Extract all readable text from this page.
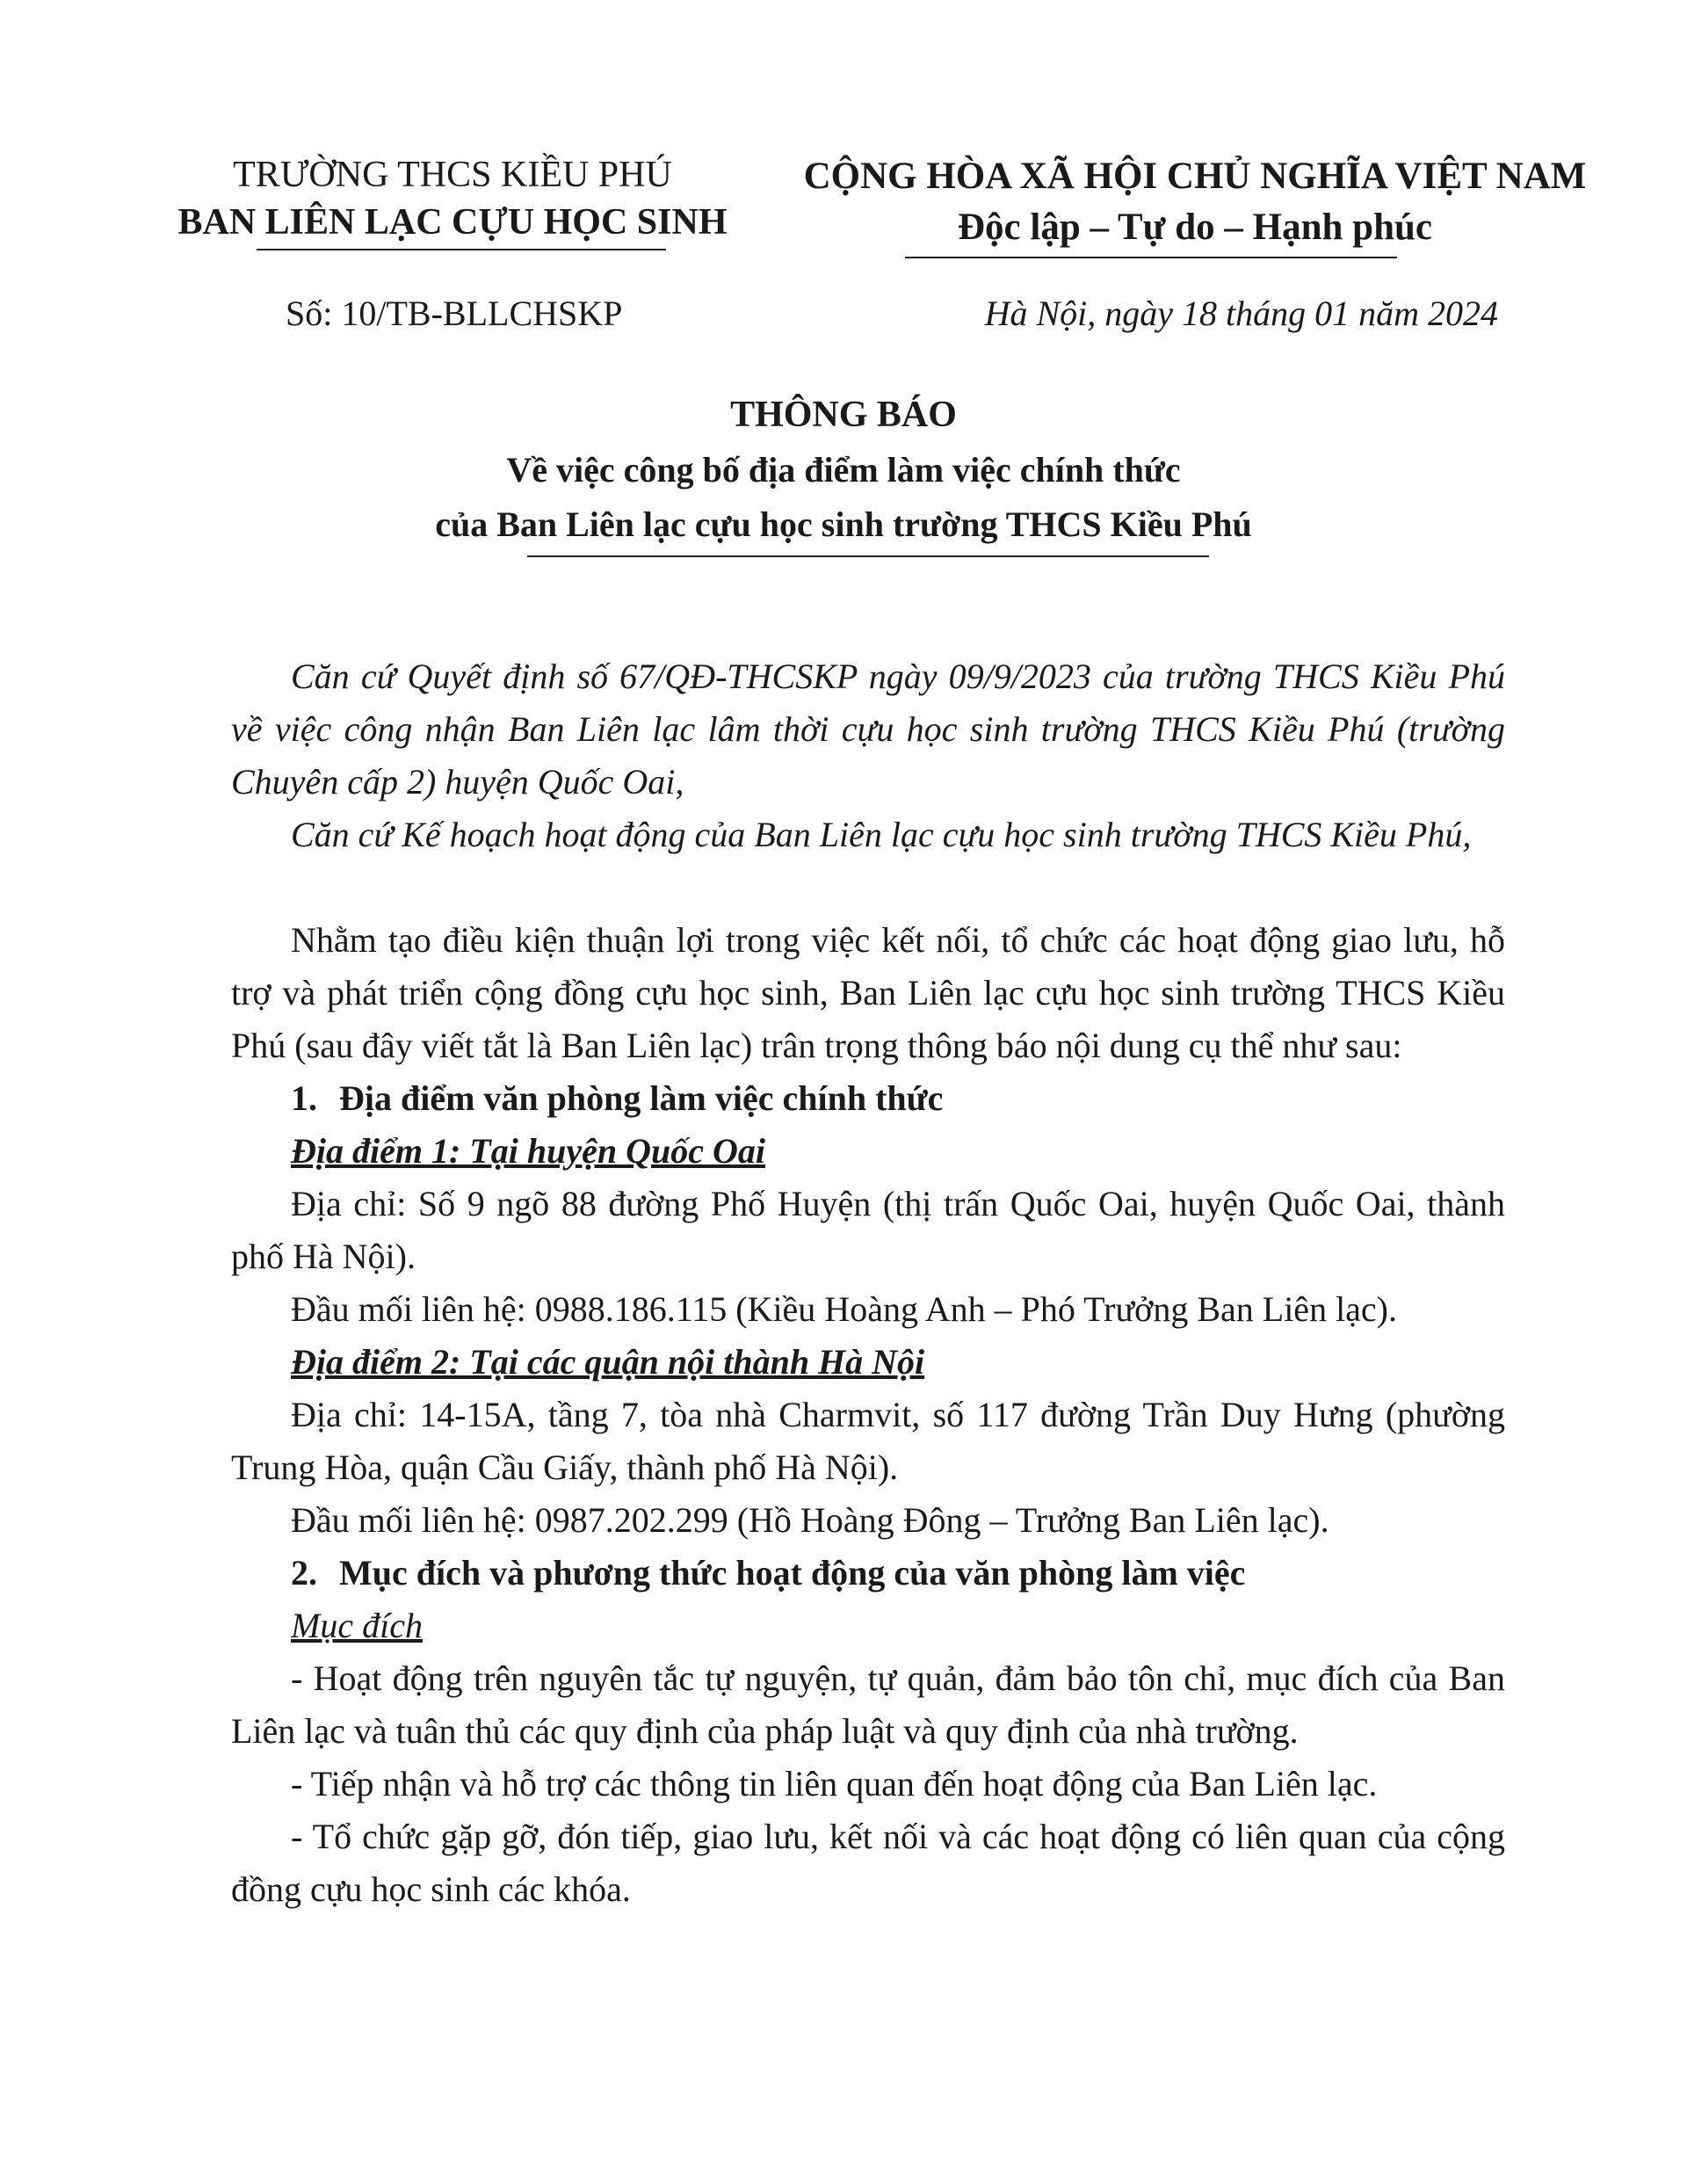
TRƯỜNG THCS KIỀU PHÚ
BAN LIÊN LẠC CỰU HỌC SINH
CỘNG HÒA XÃ HỘI CHỦ NGHĨA VIỆT NAM
Độc lập – Tự do – Hạnh phúc
Số: 10/TB-BLLCHSKP	Hà Nội, ngày 18 tháng 01 năm 2024
THÔNG BÁO
Về việc công bố địa điểm làm việc chính thức
của Ban Liên lạc cựu học sinh trường THCS Kiều Phú

Căn cứ Quyết định số 67/QĐ-THCSKP ngày 09/9/2023 của trường THCS Kiều Phú về việc công nhận Ban Liên lạc lâm thời cựu học sinh trường THCS Kiều Phú (trường Chuyên cấp 2) huyện Quốc Oai,

Căn cứ Kế hoạch hoạt động của Ban Liên lạc cựu học sinh trường THCS Kiều Phú,

Nhằm tạo điều kiện thuận lợi trong việc kết nối, tổ chức các hoạt động giao lưu, hỗ trợ và phát triển cộng đồng cựu học sinh, Ban Liên lạc cựu học sinh trường THCS Kiều Phú (sau đây viết tắt là Ban Liên lạc) trân trọng thông báo nội dung cụ thể như sau:

1. Địa điểm văn phòng làm việc chính thức

Địa điểm 1: Tại huyện Quốc Oai

Địa chỉ: Số 9 ngõ 88 đường Phố Huyện (thị trấn Quốc Oai, huyện Quốc Oai, thành phố Hà Nội).

Đầu mối liên hệ: 0988.186.115 (Kiều Hoàng Anh – Phó Trưởng Ban Liên lạc).

Địa điểm 2: Tại các quận nội thành Hà Nội

Địa chỉ: 14-15A, tầng 7, tòa nhà Charmvit, số 117 đường Trần Duy Hưng (phường Trung Hòa, quận Cầu Giấy, thành phố Hà Nội).

Đầu mối liên hệ: 0987.202.299 (Hồ Hoàng Đông – Trưởng Ban Liên lạc).

2. Mục đích và phương thức hoạt động của văn phòng làm việc

Mục đích

- Hoạt động trên nguyên tắc tự nguyện, tự quản, đảm bảo tôn chỉ, mục đích của Ban Liên lạc và tuân thủ các quy định của pháp luật và quy định của nhà trường.

- Tiếp nhận và hỗ trợ các thông tin liên quan đến hoạt động của Ban Liên lạc.

- Tổ chức gặp gỡ, đón tiếp, giao lưu, kết nối và các hoạt động có liên quan của cộng đồng cựu học sinh các khóa.
